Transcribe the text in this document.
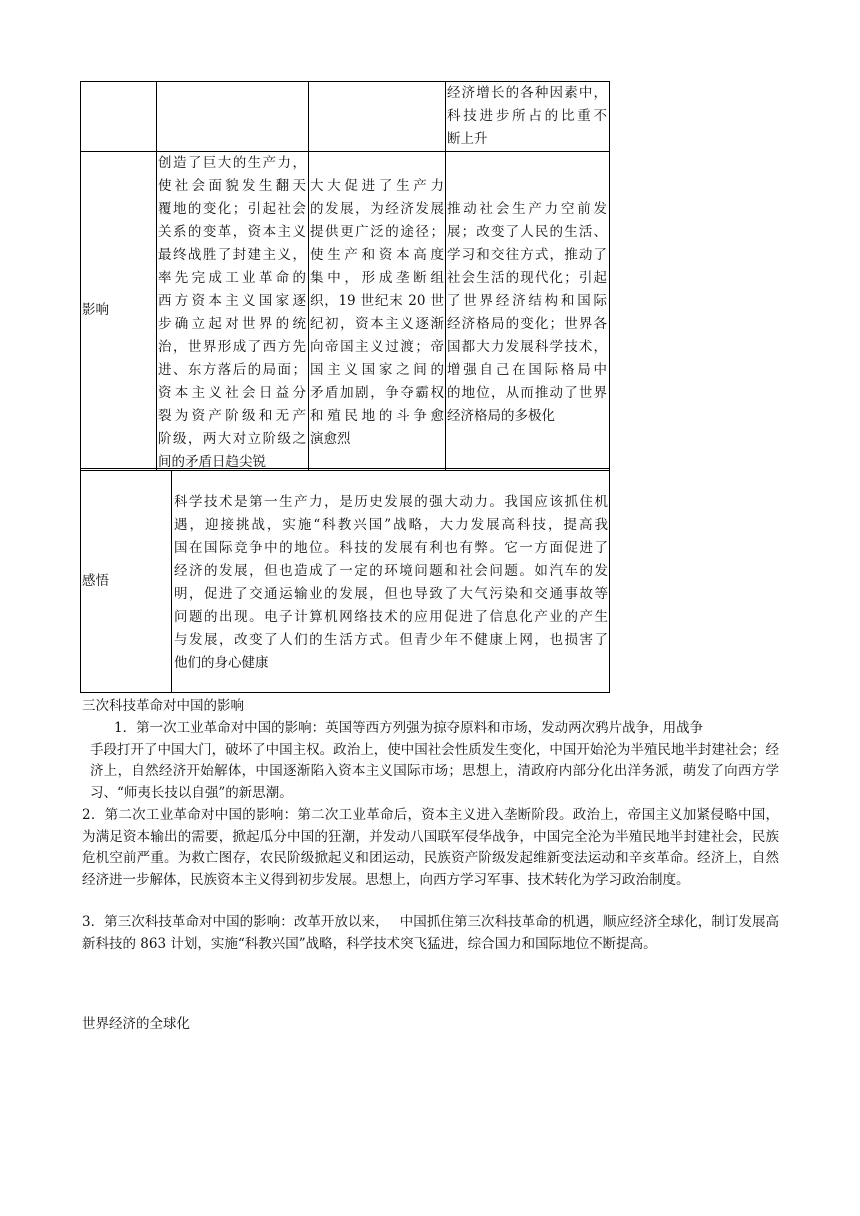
经济增长的各种因素中，
科技进步所占的比重不
断上升
影响
创造了巨大的生产力，
使社会面貌发生翻天
覆地的变化；引起社会
关系的变革，资本主义
最终战胜了封建主义，
率先完成工业革命的
西方资本主义国家逐
步确立起对世界的统
治，世界形成了西方先
进、东方落后的局面；
资本主义社会日益分
裂为资产阶级和无产
阶级，两大对立阶级之
间的矛盾日趋尖锐
大大促进了生产力
的发展，为经济发展
提供更广泛的途径；
使生产和资本高度
集中，形成垄断组
织，19 世纪末 20 世
纪初，资本主义逐渐
向帝国主义过渡；帝
国主义国家之间的
矛盾加剧，争夺霸权
和殖民地的斗争愈
演愈烈
推动社会生产力空前发
展；改变了人民的生活、
学习和交往方式，推动了
社会生活的现代化；引起
了世界经济结构和国际
经济格局的变化；世界各
国都大力发展科学技术，
增强自己在国际格局中
的地位，从而推动了世界
经济格局的多极化
感悟
科学技术是第一生产力，是历史发展的强大动力。我国应该抓住机
遇，迎接挑战，实施“科教兴国”战略，大力发展高科技，提高我
国在国际竞争中的地位。科技的发展有利也有弊。它一方面促进了
经济的发展，但也造成了一定的环境问题和社会问题。如汽车的发
明，促进了交通运输业的发展，但也导致了大气污染和交通事故等
问题的出现。电子计算机网络技术的应用促进了信息化产业的产生
与发展，改变了人们的生活方式。但青少年不健康上网，也损害了
他们的身心健康
三次科技革命对中国的影响
1．第一次工业革命对中国的影响：英国等西方列强为掠夺原料和市场，发动两次鸦片战争，用战争
手段打开了中国大门，破坏了中国主权。政治上，使中国社会性质发生变化，中国开始沦为半殖民地半封建社会；经济上，自然经济开始解体，中国逐渐陷入资本主义国际市场；思想上，清政府内部分化出洋务派，萌发了向西方学习、“师夷长技以自强”的新思潮。
2．第二次工业革命对中国的影响：第二次工业革命后，资本主义进入垄断阶段。政治上，帝国主义加紧侵略中国，为满足资本输出的需要，掀起瓜分中国的狂潮，并发动八国联军侵华战争，中国完全沦为半殖民地半封建社会，民族危机空前严重。为救亡图存，农民阶级掀起义和团运动，民族资产阶级发起维新变法运动和辛亥革命。经济上，自然经济进一步解体，民族资本主义得到初步发展。思想上，向西方学习军事、技术转化为学习政治制度。
3．第三次科技革命对中国的影响：改革开放以来，　 中国抓住第三次科技革命的机遇，顺应经济全球化，制订发展高新科技的 863 计划，实施“科教兴国”战略，科学技术突飞猛进，综合国力和国际地位不断提高。
世界经济的全球化
